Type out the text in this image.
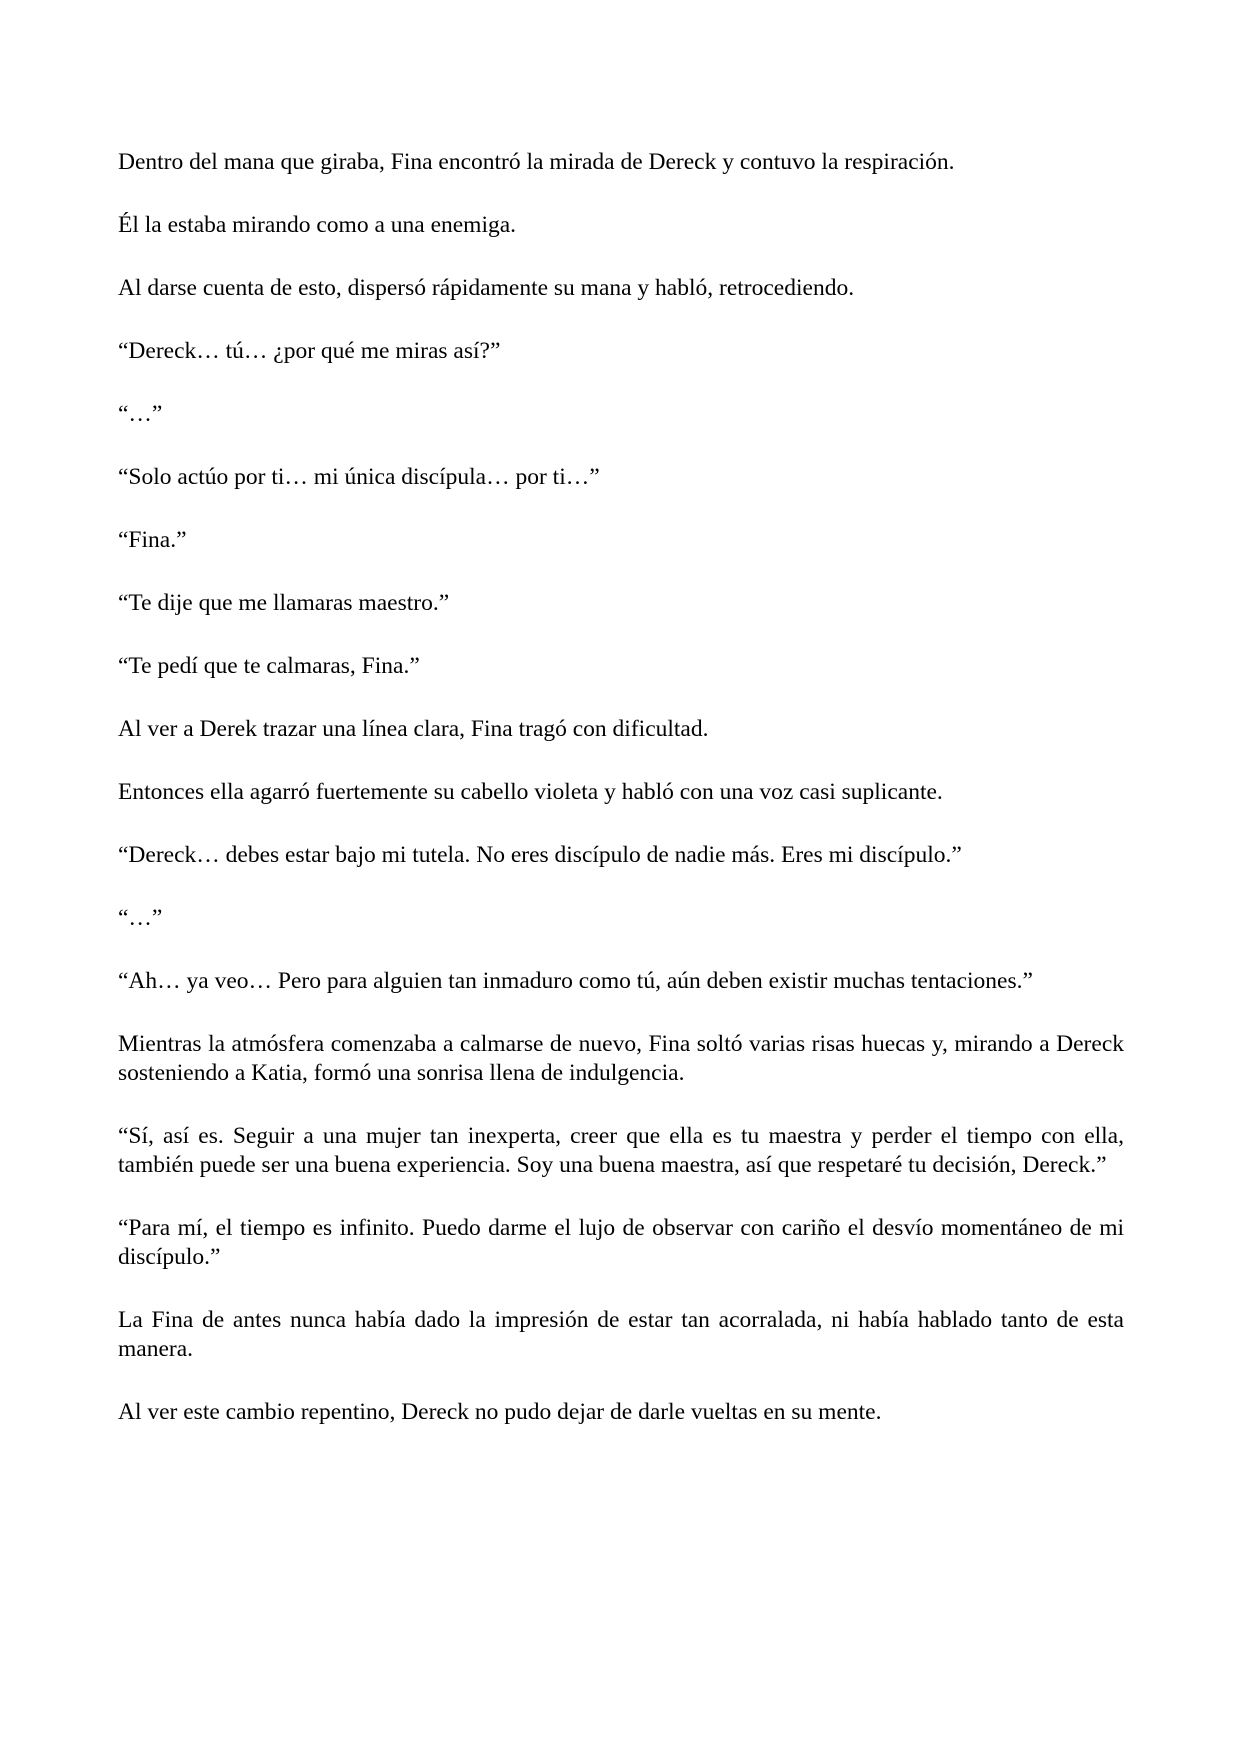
Dentro del mana que giraba, Fina encontró la mirada de Dereck y contuvo la respiración.

Él la estaba mirando como a una enemiga.

Al darse cuenta de esto, dispersó rápidamente su mana y habló, retrocediendo.

“Dereck… tú… ¿por qué me miras así?”

“…”

“Solo actúo por ti… mi única discípula… por ti…”

“Fina.”

“Te dije que me llamaras maestro.”

“Te pedí que te calmaras, Fina.”

Al ver a Derek trazar una línea clara, Fina tragó con dificultad.

Entonces ella agarró fuertemente su cabello violeta y habló con una voz casi suplicante.

“Dereck… debes estar bajo mi tutela. No eres discípulo de nadie más. Eres mi discípulo.”

“…”

“Ah… ya veo… Pero para alguien tan inmaduro como tú, aún deben existir muchas tentaciones.”

Mientras la atmósfera comenzaba a calmarse de nuevo, Fina soltó varias risas huecas y, mirando a Dereck sosteniendo a Katia, formó una sonrisa llena de indulgencia.

“Sí, así es. Seguir a una mujer tan inexperta, creer que ella es tu maestra y perder el tiempo con ella, también puede ser una buena experiencia. Soy una buena maestra, así que respetaré tu decisión, Dereck.”

“Para mí, el tiempo es infinito. Puedo darme el lujo de observar con cariño el desvío momentáneo de mi discípulo.”

La Fina de antes nunca había dado la impresión de estar tan acorralada, ni había hablado tanto de esta manera.

Al ver este cambio repentino, Dereck no pudo dejar de darle vueltas en su mente.
